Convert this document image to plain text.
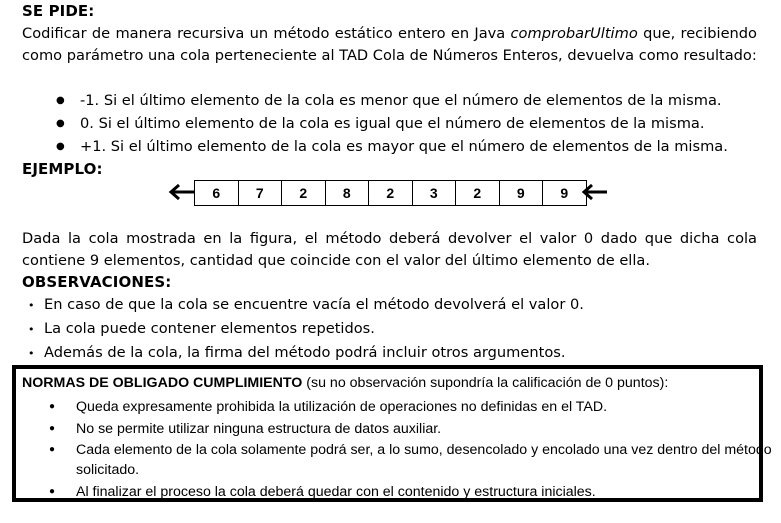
SE PIDE:
Codificar de manera recursiva un método estático entero en Java comprobarUltimo que, recibiendo como parámetro una cola perteneciente al TAD Cola de Números Enteros, devuelva como resultado:
● -1. Si el último elemento de la cola es menor que el número de elementos de la misma.
● 0. Si el último elemento de la cola es igual que el número de elementos de la misma.
● +1. Si el último elemento de la cola es mayor que el número de elementos de la misma.
EJEMPLO:
6	7	2	8	2	3	2	9	9
Dada la cola mostrada en la figura, el método deberá devolver el valor 0 dado que dicha cola contiene 9 elementos, cantidad que coincide con el valor del último elemento de ella.
OBSERVACIONES:
• En caso de que la cola se encuentre vacía el método devolverá el valor 0.
• La cola puede contener elementos repetidos.
• Además de la cola, la firma del método podrá incluir otros argumentos.
NORMAS DE OBLIGADO CUMPLIMIENTO (su no observación supondría la calificación de 0 puntos):
● Queda expresamente prohibida la utilización de operaciones no definidas en el TAD.
● No se permite utilizar ninguna estructura de datos auxiliar.
● Cada elemento de la cola solamente podrá ser, a lo sumo, desencolado y encolado una vez dentro del método solicitado.
● Al finalizar el proceso la cola deberá quedar con el contenido y estructura iniciales.
